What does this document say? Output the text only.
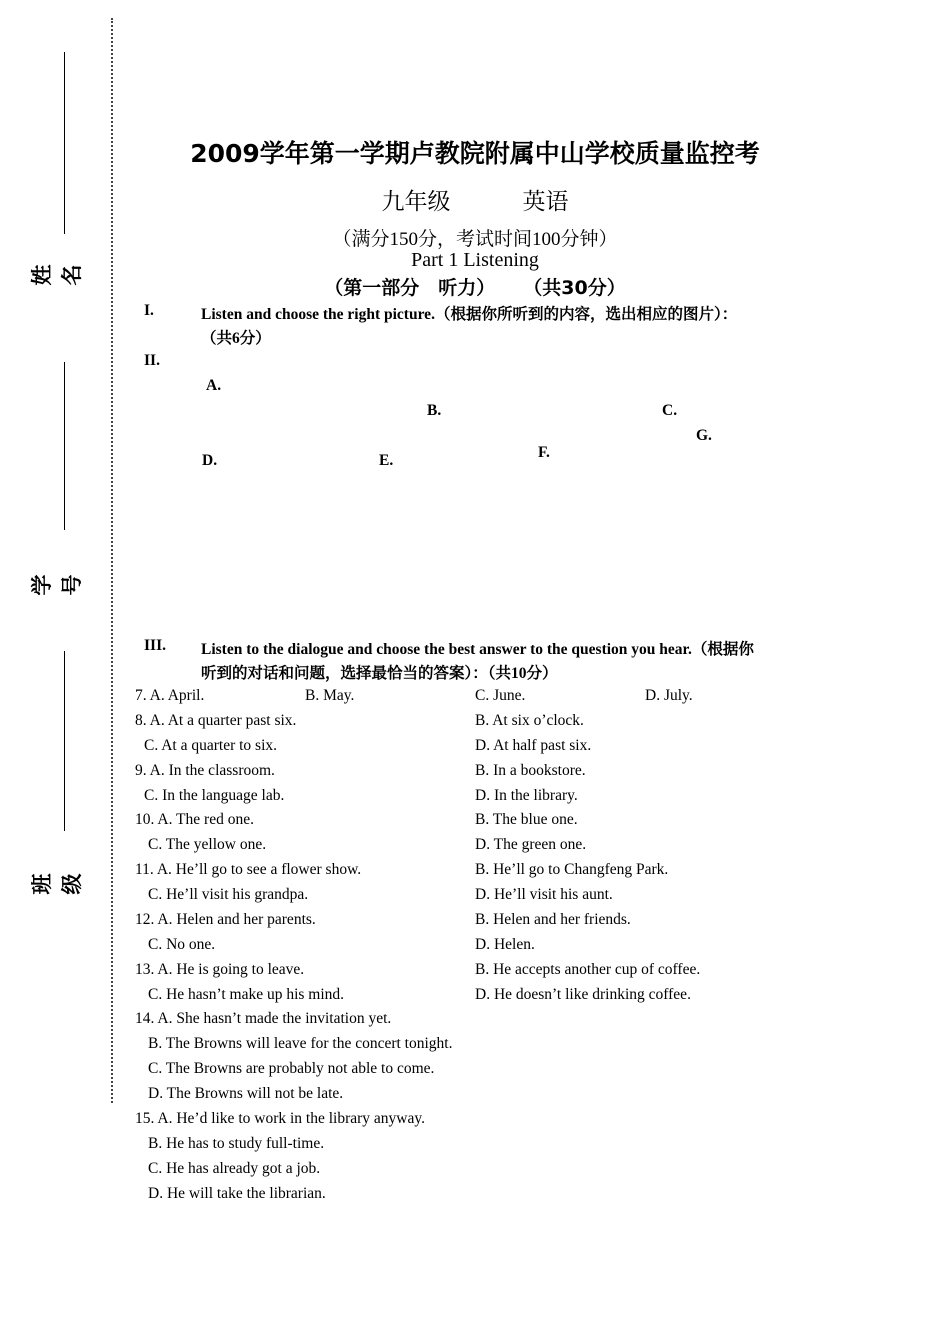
姓名
学号
班级
2009学年第一学期卢教院附属中山学校质量监控考
九年级	英语
（满分150分，考试时间100分钟）
Part 1 Listening
（第一部分　听力） （共30分）
I.	Listen and choose the right picture.（根据你所听到的内容，选出相应的图片）：
（共6分）
II.
A.
B.	C.
G.
F.
D.	E.
III. Listen to the dialogue and choose the best answer to the question you hear.（根据你
听到的对话和问题，选择最恰当的答案）：（共10分）
7. A. April.	B. May.	C. June.	D. July.
8. A. At a quarter past six.	B. At six o’clock.
C. At a quarter to six.	D. At half past six.
9. A. In the classroom.	B. In a bookstore.
C. In the language lab.	D. In the library.
10. A. The red one.	B. The blue one.
C. The yellow one.	D. The green one.
11. A. He’ll go to see a flower show.	B. He’ll go to Changfeng Park.
C. He’ll visit his grandpa.	D. He’ll visit his aunt.
12. A. Helen and her parents.	B. Helen and her friends.
C. No one.	D. Helen.
13. A. He is going to leave.	B. He accepts another cup of coffee.
C. He hasn’t make up his mind.	D. He doesn’t like drinking coffee.
14. A. She hasn’t made the invitation yet.
B. The Browns will leave for the concert tonight.
C. The Browns are probably not able to come.
D. The Browns will not be late.
15. A. He’d like to work in the library anyway.
B. He has to study full-time.
C. He has already got a job.
D. He will take the librarian.
